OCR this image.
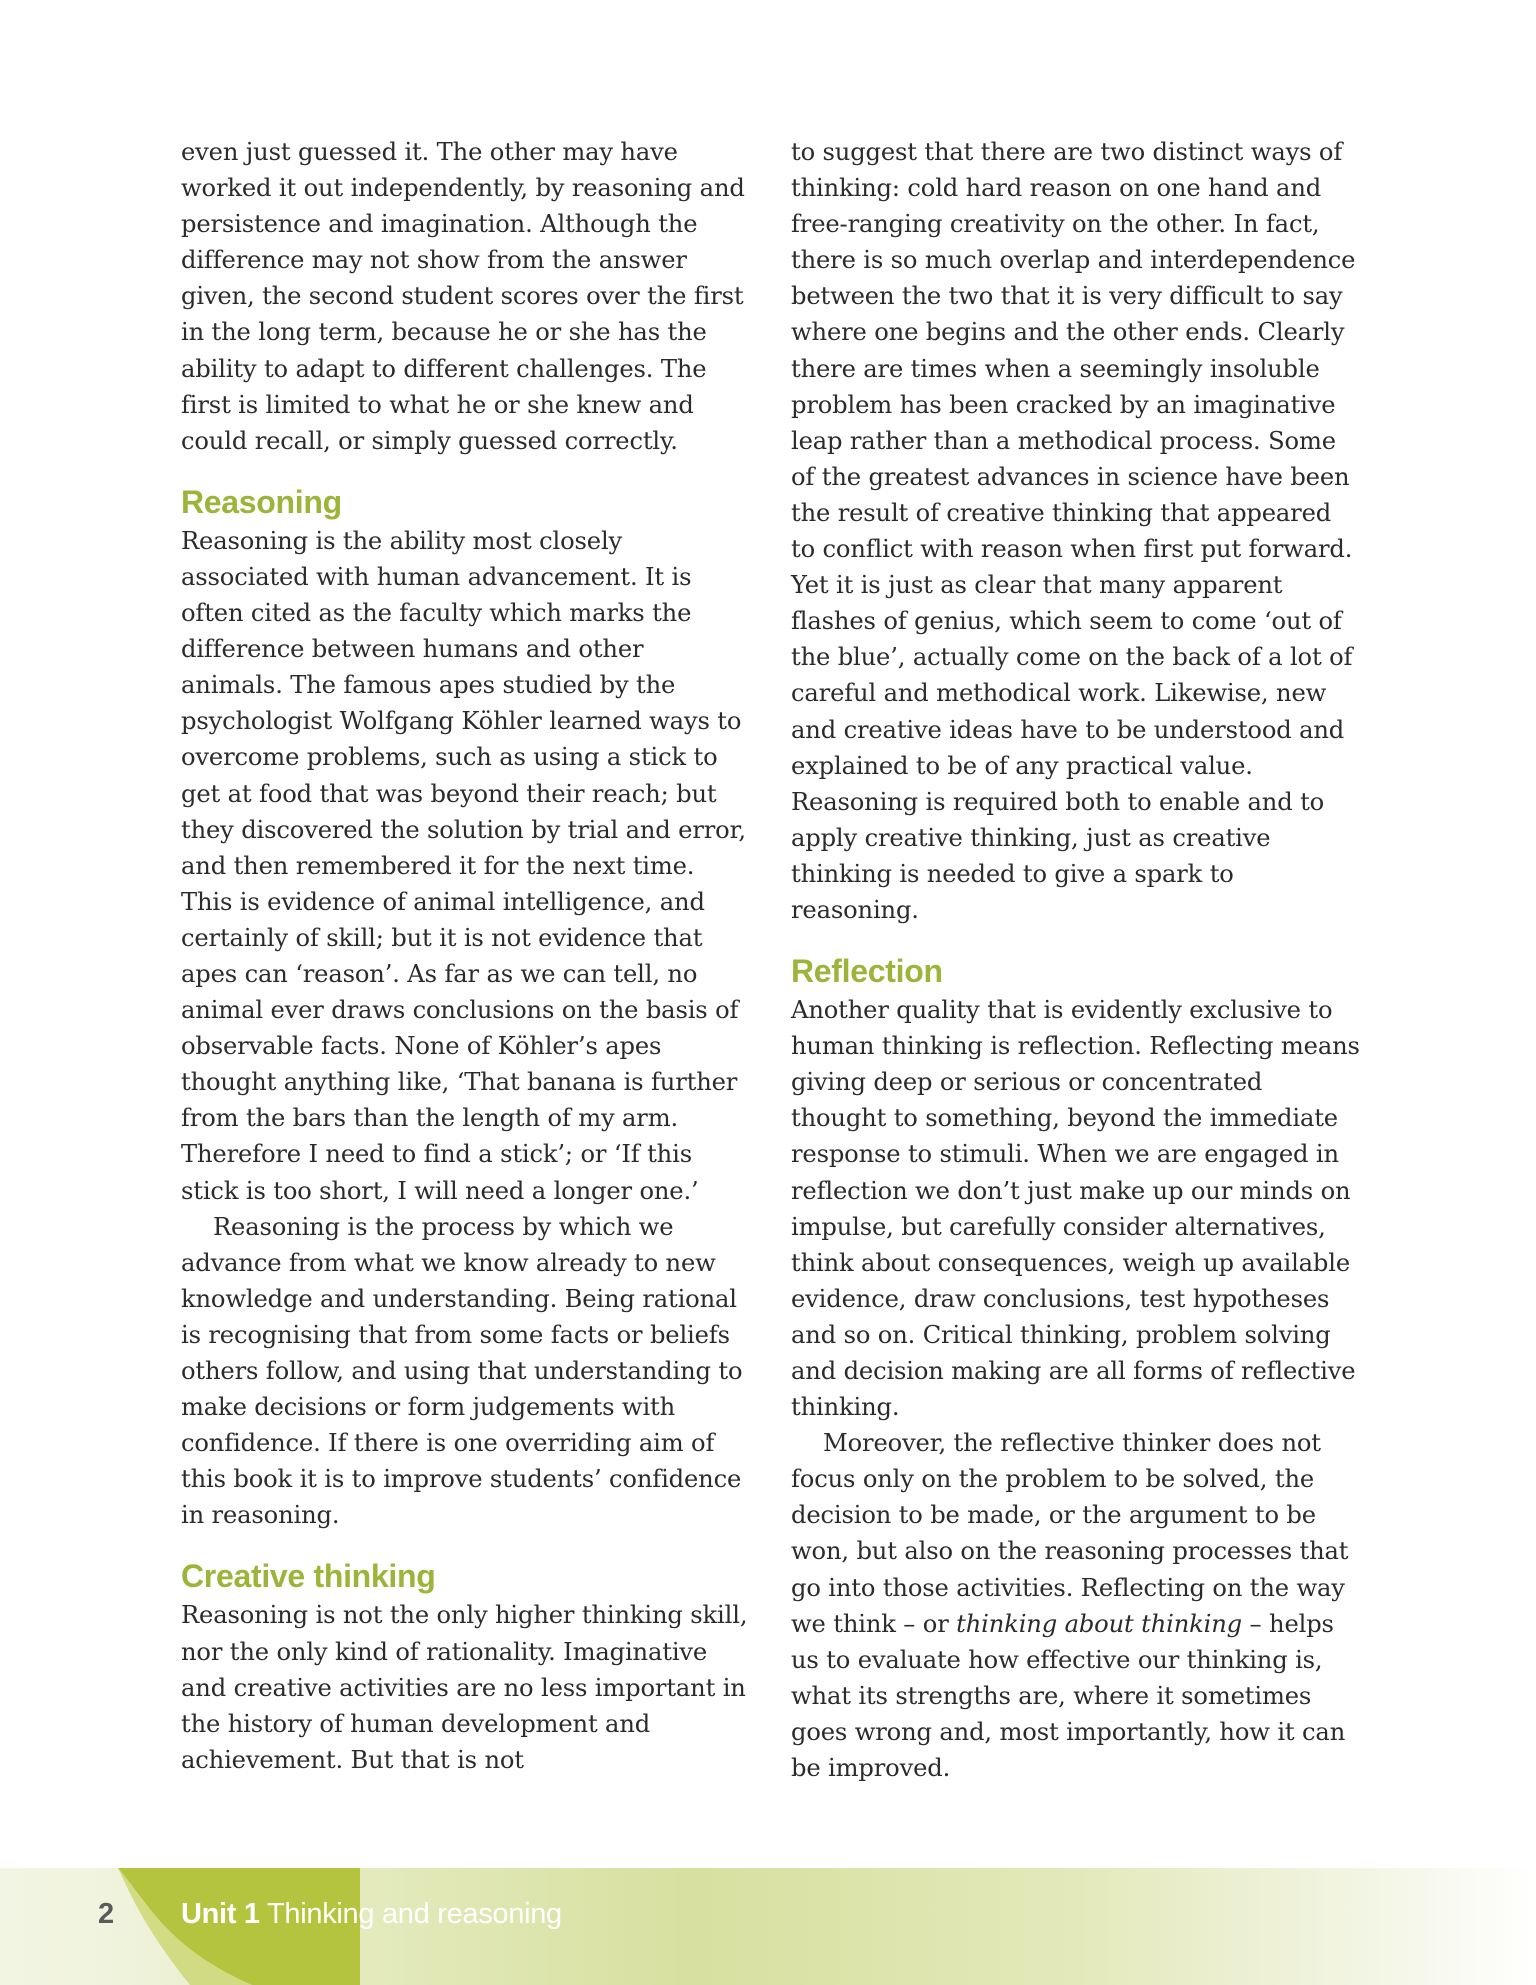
even just guessed it. The other may have worked it out independently, by reasoning and persistence and imagination. Although the difference may not show from the answer given, the second student scores over the first in the long term, because he or she has the ability to adapt to different challenges. The first is limited to what he or she knew and could recall, or simply guessed correctly.

Reasoning

Reasoning is the ability most closely associated with human advancement. It is often cited as the faculty which marks the difference between humans and other animals. The famous apes studied by the psychologist Wolfgang Köhler learned ways to overcome problems, such as using a stick to get at food that was beyond their reach; but they discovered the solution by trial and error, and then remembered it for the next time. This is evidence of animal intelligence, and certainly of skill; but it is not evidence that apes can ‘reason’. As far as we can tell, no animal ever draws conclusions on the basis of observable facts. None of Köhler’s apes thought anything like, ‘That banana is further from the bars than the length of my arm. Therefore I need to find a stick’; or ‘If this stick is too short, I will need a longer one.’

Reasoning is the process by which we advance from what we know already to new knowledge and understanding. Being rational is recognising that from some facts or beliefs others follow, and using that understanding to make decisions or form judgements with confidence. If there is one overriding aim of this book it is to improve students’ confidence in reasoning.

Creative thinking

Reasoning is not the only higher thinking skill, nor the only kind of rationality. Imaginative and creative activities are no less important in the history of human development and achievement. But that is not

to suggest that there are two distinct ways of thinking: cold hard reason on one hand and free-ranging creativity on the other. In fact, there is so much overlap and interdependence between the two that it is very difficult to say where one begins and the other ends. Clearly there are times when a seemingly insoluble problem has been cracked by an imaginative leap rather than a methodical process. Some of the greatest advances in science have been the result of creative thinking that appeared to conflict with reason when first put forward. Yet it is just as clear that many apparent flashes of genius, which seem to come ‘out of the blue’, actually come on the back of a lot of careful and methodical work. Likewise, new and creative ideas have to be understood and explained to be of any practical value. Reasoning is required both to enable and to apply creative thinking, just as creative thinking is needed to give a spark to reasoning.

Reflection

Another quality that is evidently exclusive to human thinking is reflection. Reflecting means giving deep or serious or concentrated thought to something, beyond the immediate response to stimuli. When we are engaged in reflection we don’t just make up our minds on impulse, but carefully consider alternatives, think about consequences, weigh up available evidence, draw conclusions, test hypotheses and so on. Critical thinking, problem solving and decision making are all forms of reflective thinking.

Moreover, the reflective thinker does not focus only on the problem to be solved, the decision to be made, or the argument to be won, but also on the reasoning processes that go into those activities. Reflecting on the way we think – or thinking about thinking – helps us to evaluate how effective our thinking is, what its strengths are, where it sometimes goes wrong and, most importantly, how it can be improved.

2 Unit 1 Thinking and reasoning
